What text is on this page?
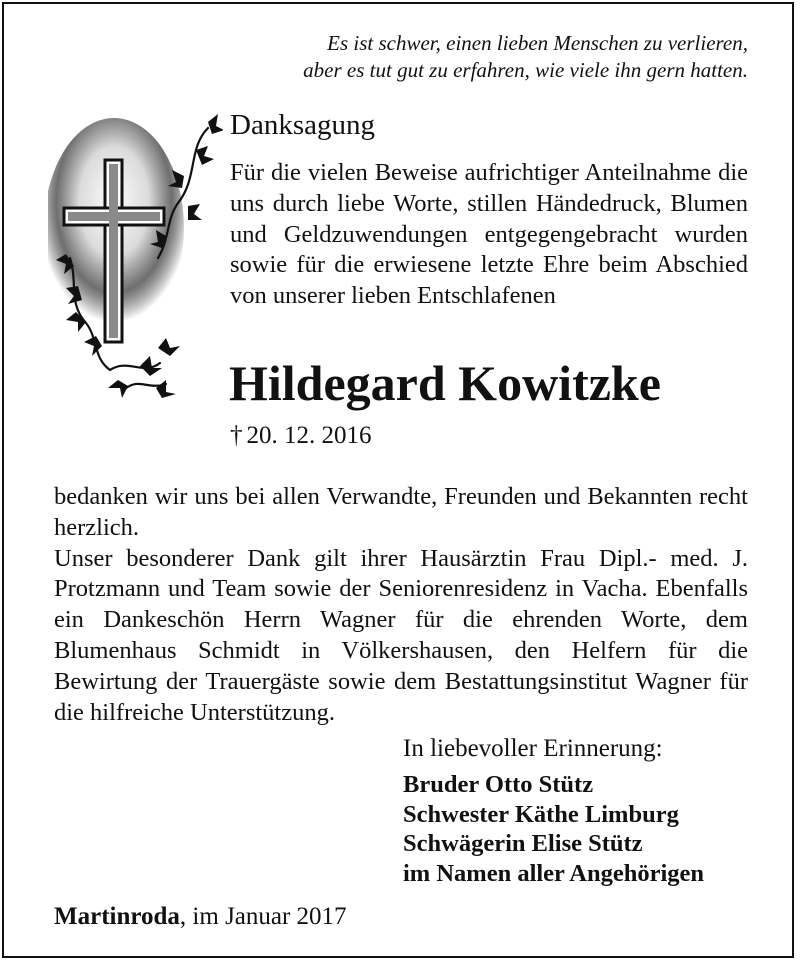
Es ist schwer, einen lieben Menschen zu verlieren,
aber es tut gut zu erfahren, wie viele ihn gern hatten.
Danksagung
Für die vielen Beweise aufrichtiger Anteilnahme die uns durch liebe Worte, stillen Händedruck, Blumen und Geldzuwendungen entgegengebracht wurden sowie für die erwiesene letzte Ehre beim Abschied von unserer lieben Entschlafenen
Hildegard Kowitzke
† 20. 12. 2016

bedanken wir uns bei allen Verwandte, Freunden und Bekannten recht herzlich.

Unser besonderer Dank gilt ihrer Hausärztin Frau Dipl.- med. J. Protzmann und Team sowie der Seniorenresidenz in Vacha. Ebenfalls ein Dankeschön Herrn Wagner für die ehrenden Worte, dem Blumenhaus Schmidt in Völkershausen, den Helfern für die Bewirtung der Trauergäste sowie dem Bestattungsinstitut Wagner für die hilfreiche Unterstützung.

In liebevoller Erinnerung:
Bruder Otto Stütz
Schwester Käthe Limburg
Schwägerin Elise Stütz
im Namen aller Angehörigen
Martinroda, im Januar 2017
